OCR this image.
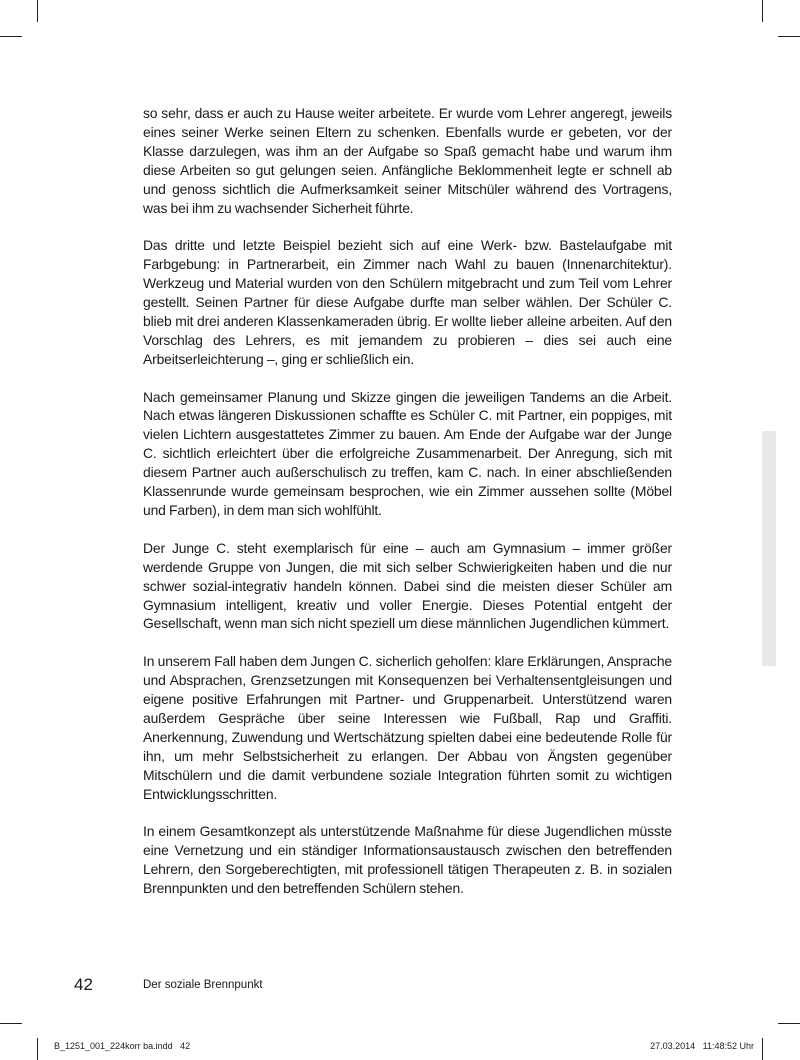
so sehr, dass er auch zu Hause weiter arbeitete. Er wurde vom Lehrer angeregt, jeweils eines seiner Werke seinen Eltern zu schenken. Ebenfalls wurde er gebeten, vor der Klasse darzulegen, was ihm an der Aufgabe so Spaß gemacht habe und warum ihm diese Arbeiten so gut gelungen seien. Anfängliche Beklommenheit legte er schnell ab und genoss sichtlich die Aufmerksamkeit seiner Mitschüler während des Vortragens, was bei ihm zu wachsender Sicherheit führte.

Das dritte und letzte Beispiel bezieht sich auf eine Werk- bzw. Bastelaufgabe mit Farbgebung: in Partnerarbeit, ein Zimmer nach Wahl zu bauen (Innenarchitektur). Werkzeug und Material wurden von den Schülern mitgebracht und zum Teil vom Lehrer gestellt. Seinen Partner für diese Aufgabe durfte man selber wählen. Der Schüler C. blieb mit drei anderen Klassenkameraden übrig. Er wollte lieber alleine arbeiten. Auf den Vorschlag des Lehrers, es mit jemandem zu probieren – dies sei auch eine Arbeitserleichterung –, ging er schließlich ein.

Nach gemeinsamer Planung und Skizze gingen die jeweiligen Tandems an die Arbeit. Nach etwas längeren Diskussionen schaffte es Schüler C. mit Partner, ein poppiges, mit vielen Lichtern ausgestattetes Zimmer zu bauen. Am Ende der Aufgabe war der Junge C. sichtlich erleichtert über die erfolgreiche Zusammenarbeit. Der Anregung, sich mit diesem Partner auch außerschulisch zu treffen, kam C. nach. In einer abschließenden Klassenrunde wurde gemeinsam besprochen, wie ein Zimmer aussehen sollte (Möbel und Farben), in dem man sich wohlfühlt.

Der Junge C. steht exemplarisch für eine – auch am Gymnasium – immer größer werdende Gruppe von Jungen, die mit sich selber Schwierigkeiten haben und die nur schwer sozial-integrativ handeln können. Dabei sind die meisten dieser Schüler am Gymnasium intelligent, kreativ und voller Energie. Dieses Potential entgeht der Gesellschaft, wenn man sich nicht speziell um diese männlichen Jugendlichen kümmert.

In unserem Fall haben dem Jungen C. sicherlich geholfen: klare Erklärungen, Ansprache und Absprachen, Grenzsetzungen mit Konsequenzen bei Verhaltensentgleisungen und eigene positive Erfahrungen mit Partner- und Gruppenarbeit. Unterstützend waren außerdem Gespräche über seine Interessen wie Fußball, Rap und Graffiti. Anerkennung, Zuwendung und Wertschätzung spielten dabei eine bedeutende Rolle für ihn, um mehr Selbstsicherheit zu erlangen. Der Abbau von Ängsten gegenüber Mitschülern und die damit verbundene soziale Integration führten somit zu wichtigen Entwicklungsschritten.

In einem Gesamtkonzept als unterstützende Maßnahme für diese Jugendlichen müsste eine Vernetzung und ein ständiger Informationsaustausch zwischen den betreffenden Lehrern, den Sorgeberechtigten, mit professionell tätigen Therapeuten z. B. in sozialen Brennpunkten und den betreffenden Schülern stehen.

42	Der soziale Brennpunkt
B_1251_001_224korr ba.indd   42	27.03.2014   11:48:52 Uhr
